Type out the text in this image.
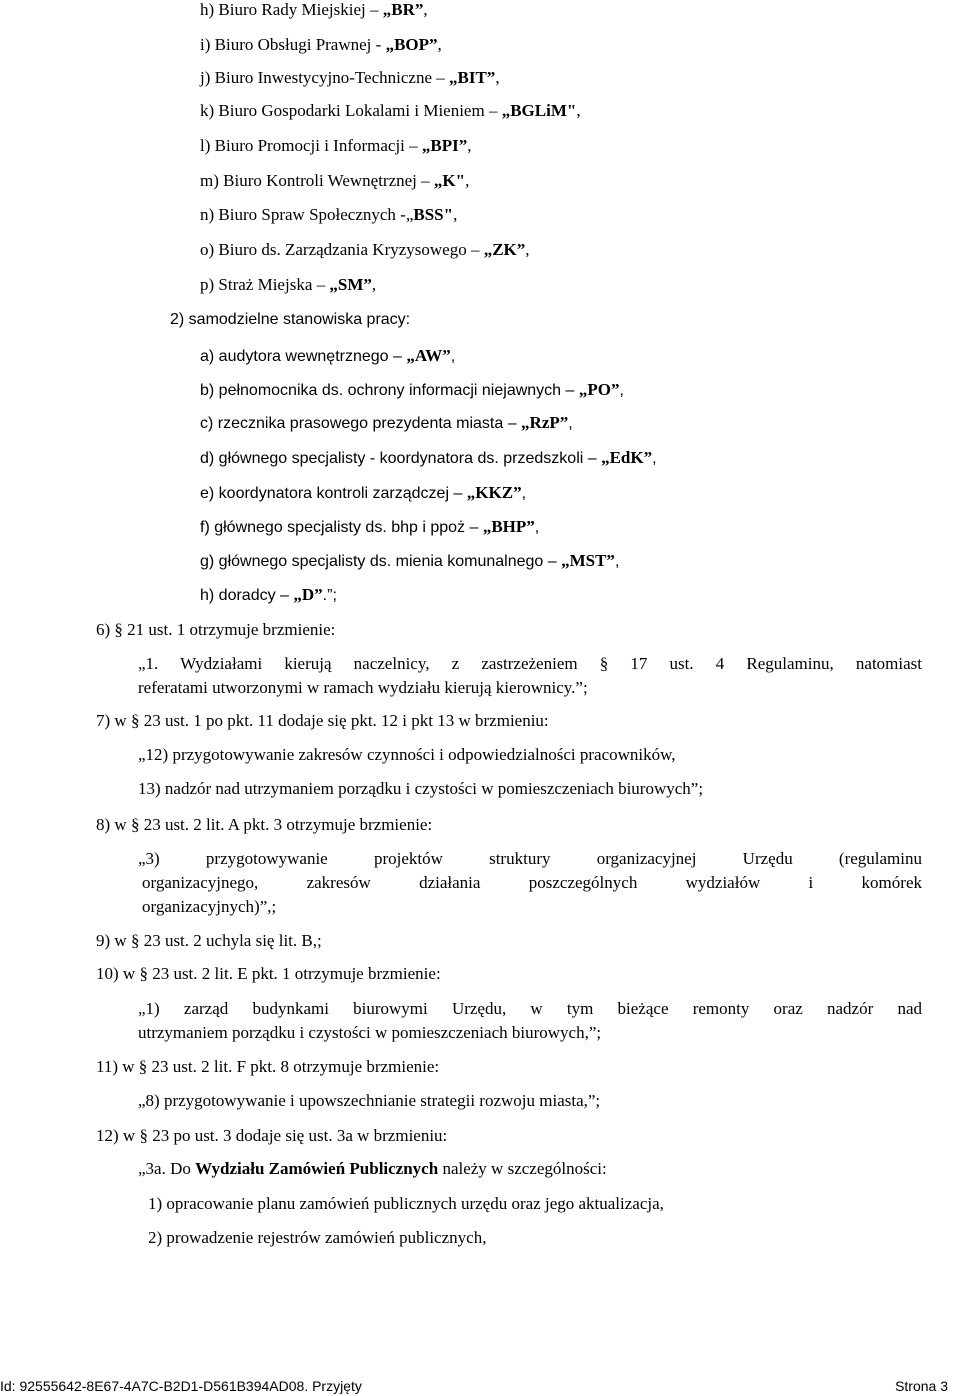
h) Biuro Rady Miejskiej – „BR”,
i) Biuro Obsługi Prawnej - „BOP”,
j) Biuro Inwestycyjno-Techniczne – „BIT”,
k) Biuro Gospodarki Lokalami i Mieniem – „BGLiM",
l) Biuro Promocji i Informacji – „BPI”,
m) Biuro Kontroli Wewnętrznej – „K",
n) Biuro Spraw Społecznych -„BSS",
o) Biuro ds. Zarządzania Kryzysowego – „ZK”,
p) Straż Miejska – „SM”,
2) samodzielne stanowiska pracy:
a) audytora wewnętrznego – „AW”,
b) pełnomocnika ds. ochrony informacji niejawnych – „PO”,
c) rzecznika prasowego prezydenta miasta – „RzP”,
d) głównego specjalisty - koordynatora ds. przedszkoli – „EdK”,
e) koordynatora kontroli zarządczej – „KKZ”,
f) głównego specjalisty ds. bhp i ppoż – „BHP”,
g) głównego specjalisty ds. mienia komunalnego – „MST”,
h) doradcy – „D”.”;
6) § 21 ust. 1 otrzymuje brzmienie:
„1. Wydziałami kierują naczelnicy, z zastrzeżeniem § 17 ust. 4 Regulaminu, natomiast
referatami utworzonymi w ramach wydziału kierują kierownicy.”;
7) w § 23 ust. 1 po pkt. 11 dodaje się pkt. 12 i pkt 13 w brzmieniu:
„12) przygotowywanie zakresów czynności i odpowiedzialności pracowników,
13) nadzór nad utrzymaniem porządku i czystości w pomieszczeniach biurowych”;
8) w § 23 ust. 2 lit. A pkt. 3 otrzymuje brzmienie:
„3) przygotowywanie projektów struktury organizacyjnej Urzędu (regulaminu
organizacyjnego, zakresów działania poszczególnych wydziałów i komórek
organizacyjnych)”,;
9) w § 23 ust. 2 uchyla się lit. B,;
10) w § 23 ust. 2 lit. E pkt. 1 otrzymuje brzmienie:
„1) zarząd budynkami biurowymi Urzędu, w tym bieżące remonty oraz nadzór nad
utrzymaniem porządku i czystości w pomieszczeniach biurowych,”;
11) w § 23 ust. 2 lit. F pkt. 8 otrzymuje brzmienie:
„8) przygotowywanie i upowszechnianie strategii rozwoju miasta,”;
12) w § 23 po ust. 3 dodaje się ust. 3a w brzmieniu:
„3a. Do Wydziału Zamówień Publicznych należy w szczególności:
1) opracowanie planu zamówień publicznych urzędu oraz jego aktualizacja,
2) prowadzenie rejestrów zamówień publicznych,
Id: 92555642-8E67-4A7C-B2D1-D561B394AD08. Przyjęty	Strona 3
